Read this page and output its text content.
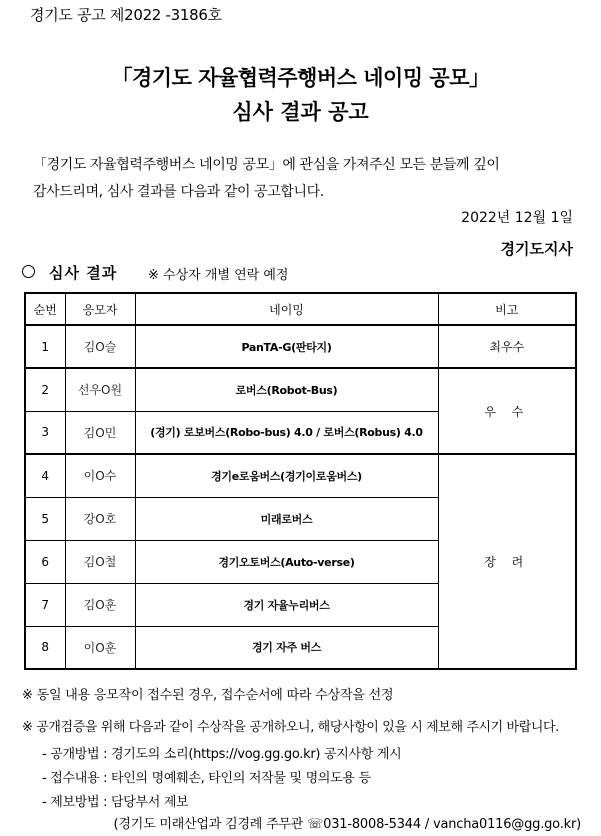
경기도 공고 제2022 -3186호
「경기도 자율협력주행버스 네이밍 공모」
심사 결과 공고
「경기도 자율협력주행버스 네이밍 공모」에 관심을 가져주신 모든 분들께 깊이
감사드리며, 심사 결과를 다음과 같이 공고합니다.
2022년 12월 1일
경기도지사
심사 결과 ※ 수상자 개별 연락 예정
순번	응모자	네이밍	비고
1	김O슬	PanTA-G(판타지)	최우수
2	선우O원	로버스(Robot-Bus)	우 수
3	김O민	(경기) 로보버스(Robo-bus) 4.0 / 로버스(Robus) 4.0	
4	이O수	경기e로움버스(경기이로움버스)	장 려
5	강O호	미래로버스	
6	김O철	경기오토버스(Auto-verse)	
7	김O훈	경기 자율누리버스	
8	이O훈	경기 자주 버스	
※ 동일 내용 응모작이 접수된 경우, 접수순서에 따라 수상작을 선정
※ 공개검증을 위해 다음과 같이 수상작을 공개하오니, 해당사항이 있을 시 제보해 주시기 바랍니다.
- 공개방법 : 경기도의 소리(https://vog.gg.go.kr) 공지사항 게시
- 접수내용 : 타인의 명예훼손, 타인의 저작물 및 명의도용 등
- 제보방법 : 담당부서 제보
(경기도 미래산업과 김경례 주무관 ☏031-8008-5344 / vancha0116@gg.go.kr)
